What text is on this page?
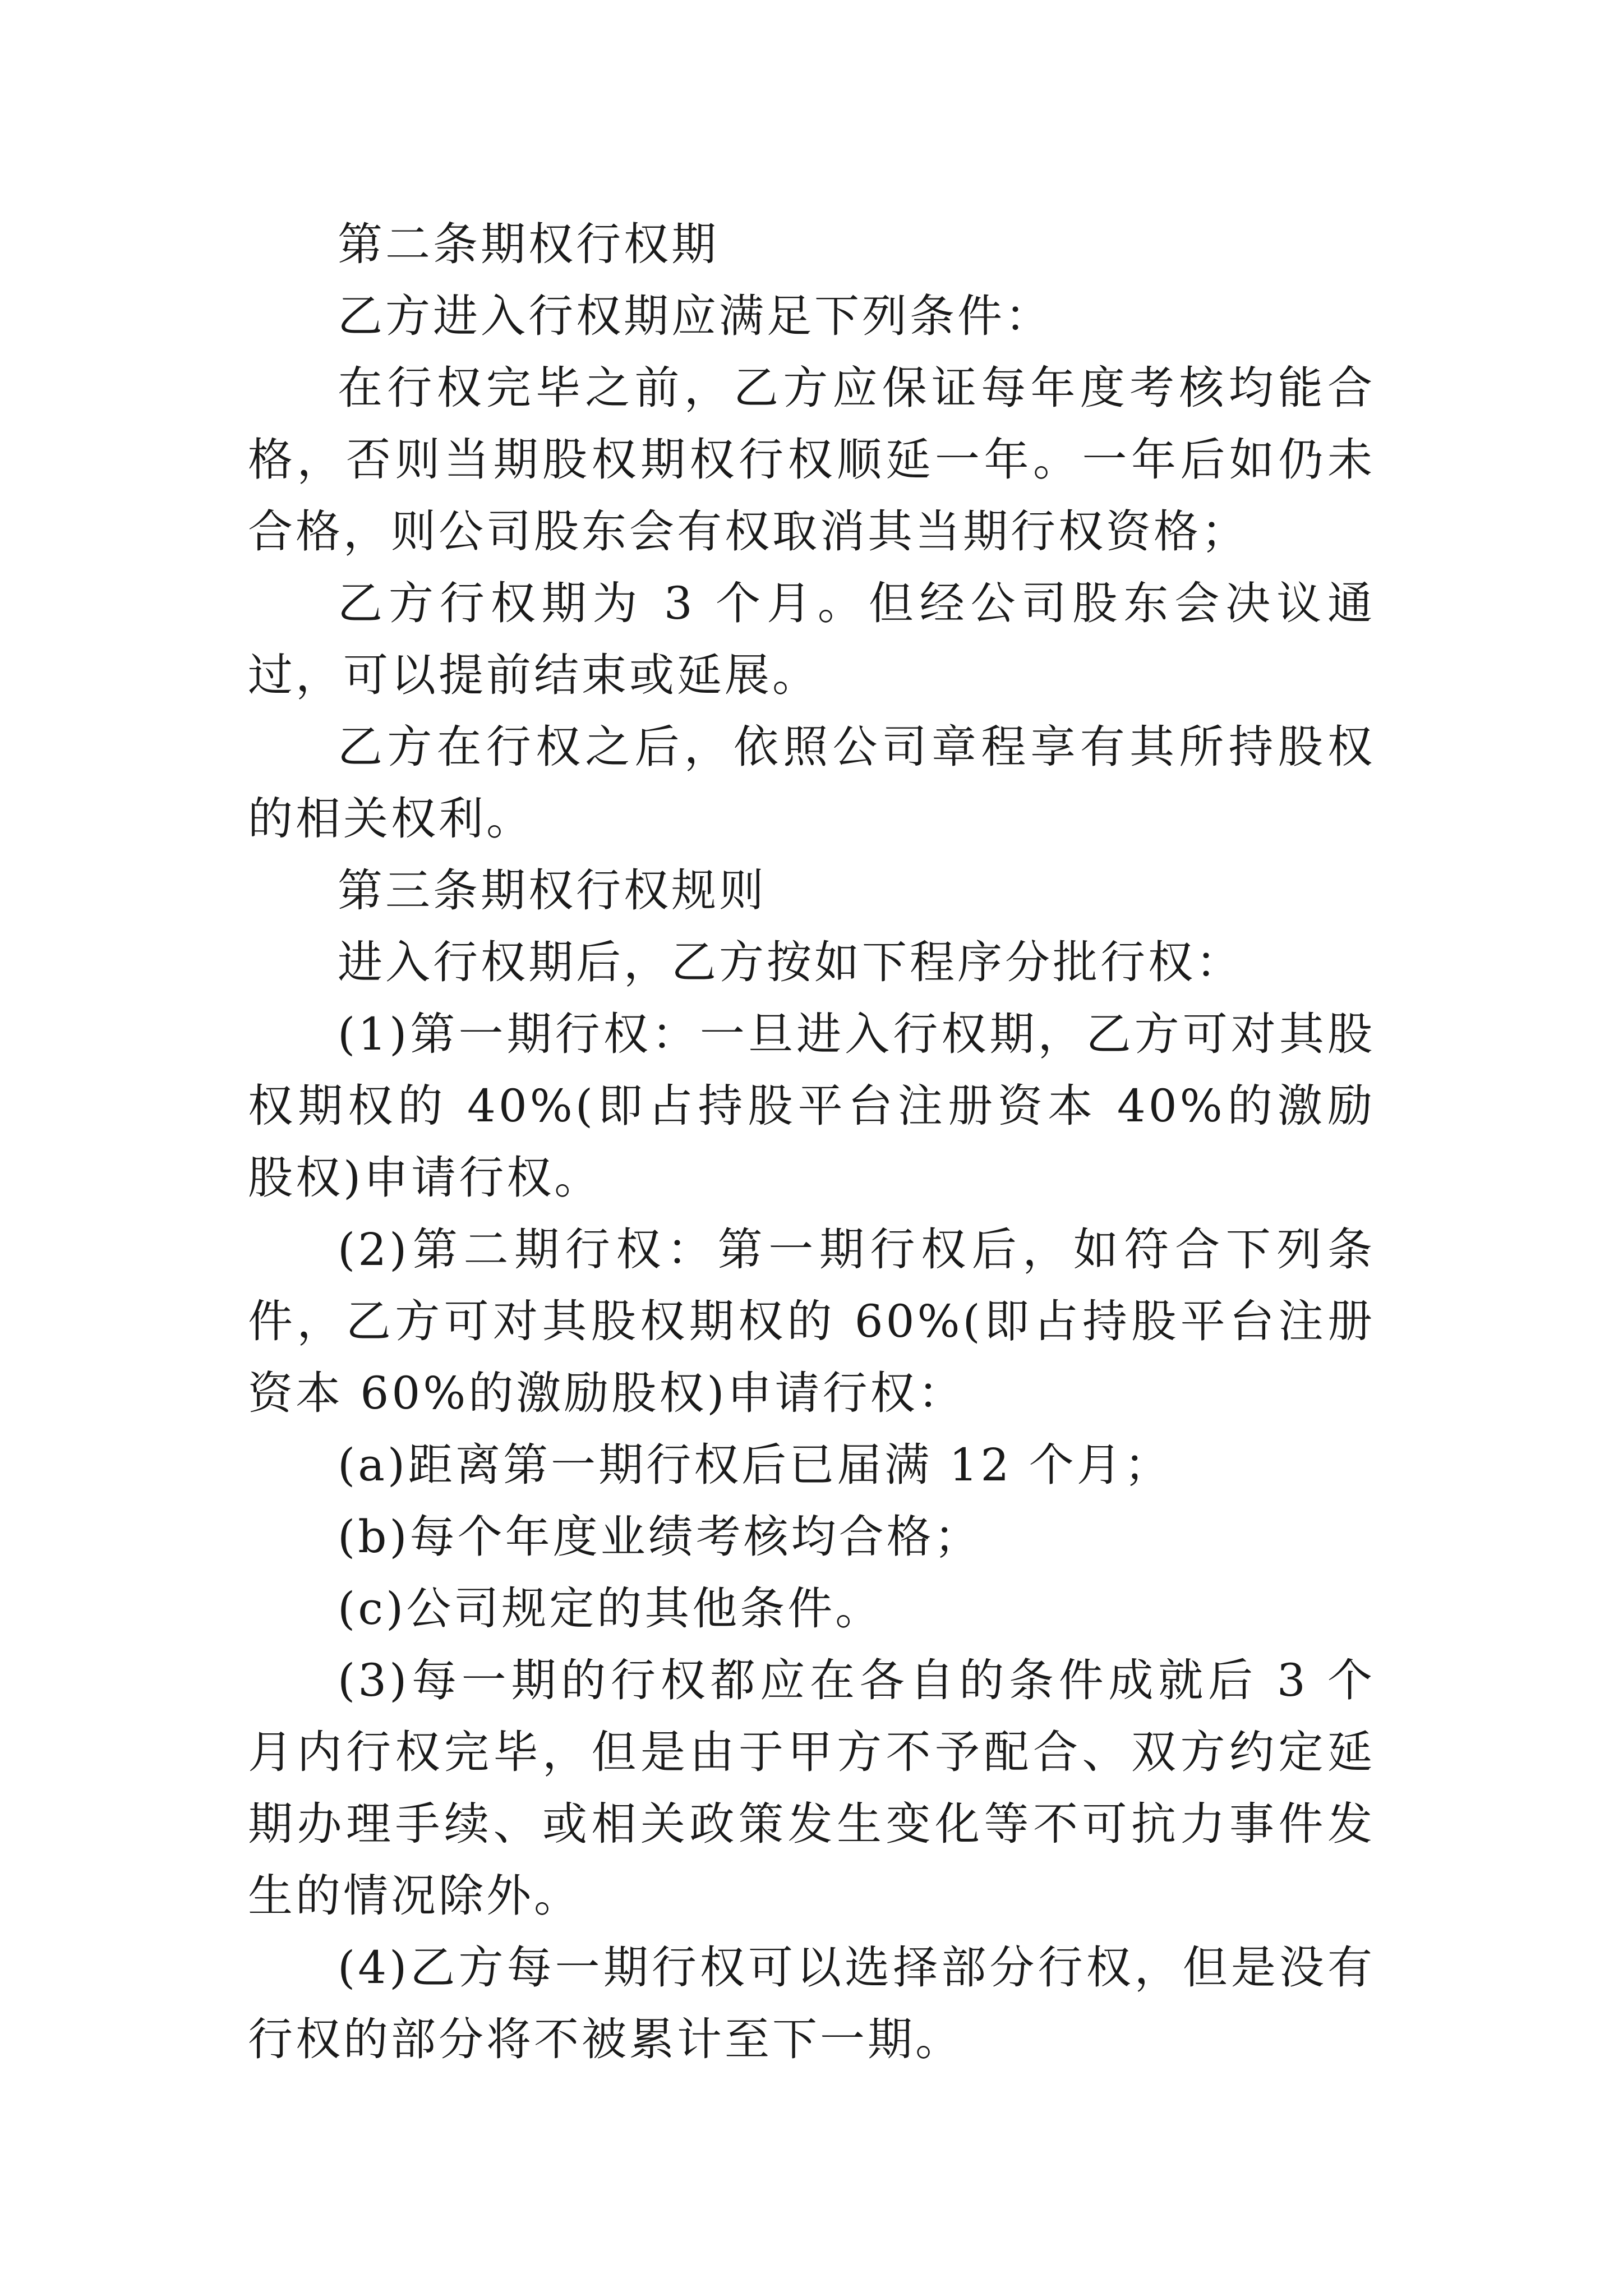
第二条期权行权期

乙方进入行权期应满足下列条件：

在行权完毕之前，乙方应保证每年度考核均能合格，否则当期股权期权行权顺延一年。一年后如仍未合格，则公司股东会有权取消其当期行权资格；

乙方行权期为 3 个月。但经公司股东会决议通过，可以提前结束或延展。

乙方在行权之后，依照公司章程享有其所持股权的相关权利。

第三条期权行权规则

进入行权期后，乙方按如下程序分批行权：

(1)第一期行权：一旦进入行权期，乙方可对其股权期权的 40%(即占持股平台注册资本 40%的激励股权)申请行权。

(2)第二期行权：第一期行权后，如符合下列条件，乙方可对其股权期权的 60%(即占持股平台注册资本 60%的激励股权)申请行权：

(a)距离第一期行权后已届满 12 个月；

(b)每个年度业绩考核均合格；

(c)公司规定的其他条件。

(3)每一期的行权都应在各自的条件成就后 3 个月内行权完毕，但是由于甲方不予配合、双方约定延期办理手续、或相关政策发生变化等不可抗力事件发生的情况除外。

(4)乙方每一期行权可以选择部分行权，但是没有行权的部分将不被累计至下一期。
